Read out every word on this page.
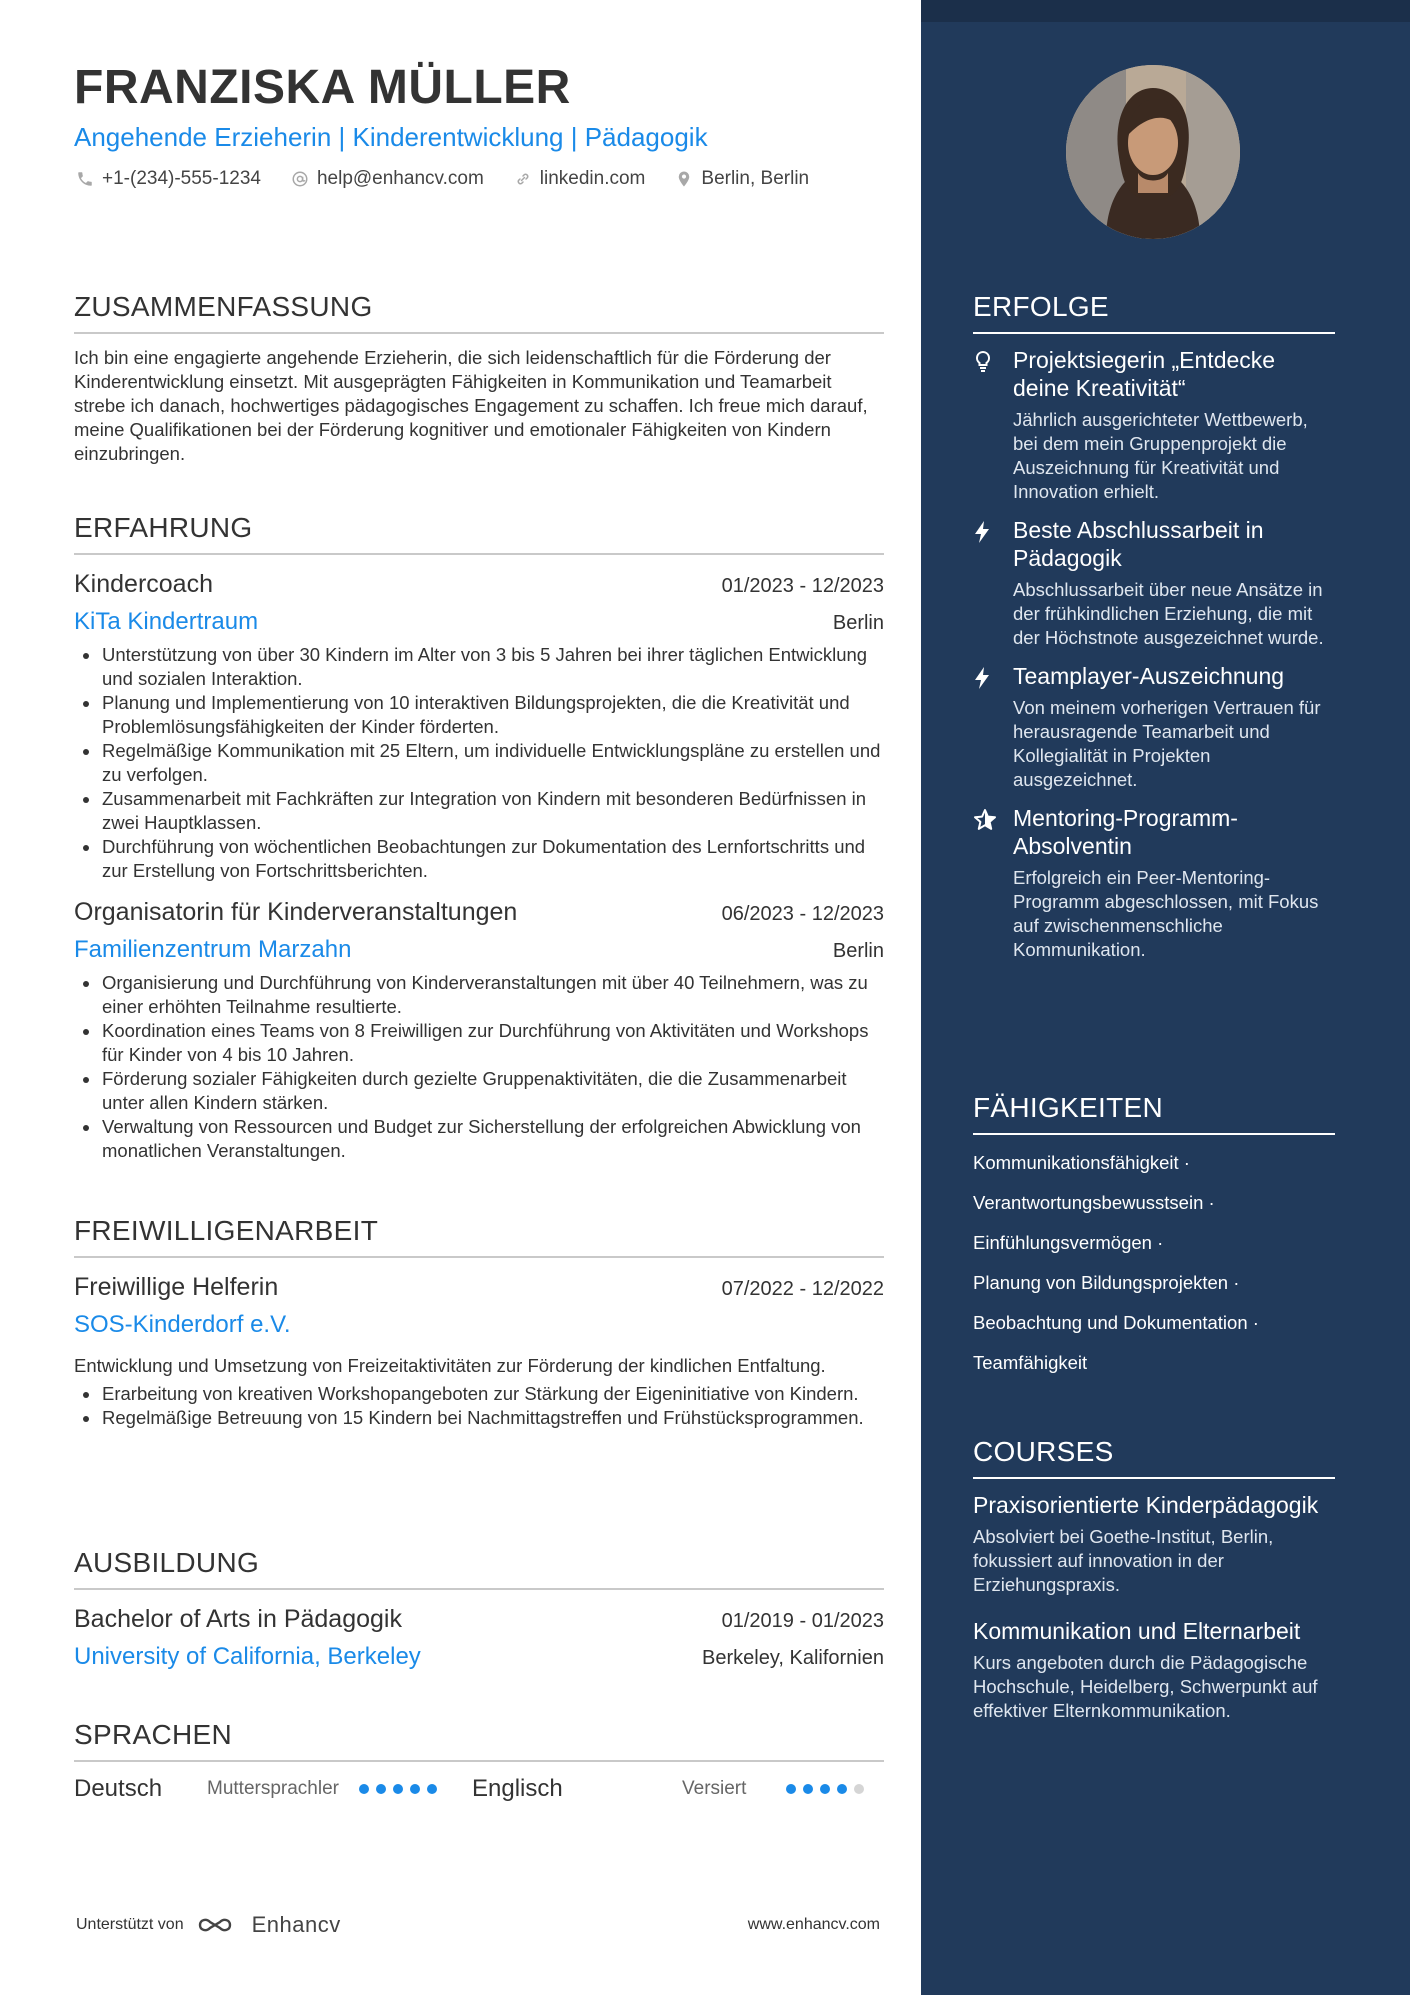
FRANZISKA MÜLLER
Angehende Erzieherin | Kinderentwicklung | Pädagogik
+1-(234)-555-1234	help@enhancv.com	linkedin.com	Berlin, Berlin
ZUSAMMENFASSUNG
Ich bin eine engagierte angehende Erzieherin, die sich leidenschaftlich für die Förderung der Kinderentwicklung einsetzt. Mit ausgeprägten Fähigkeiten in Kommunikation und Teamarbeit strebe ich danach, hochwertiges pädagogisches Engagement zu schaffen. Ich freue mich darauf, meine Qualifikationen bei der Förderung kognitiver und emotionaler Fähigkeiten von Kindern einzubringen.
ERFAHRUNG
Kindercoach	01/2023 - 12/2023
KiTa Kindertraum	Berlin
Unterstützung von über 30 Kindern im Alter von 3 bis 5 Jahren bei ihrer täglichen Entwicklung und sozialen Interaktion.
Planung und Implementierung von 10 interaktiven Bildungsprojekten, die die Kreativität und Problemlösungsfähigkeiten der Kinder förderten.
Regelmäßige Kommunikation mit 25 Eltern, um individuelle Entwicklungspläne zu erstellen und zu verfolgen.
Zusammenarbeit mit Fachkräften zur Integration von Kindern mit besonderen Bedürfnissen in zwei Hauptklassen.
Durchführung von wöchentlichen Beobachtungen zur Dokumentation des Lernfortschritts und zur Erstellung von Fortschrittsberichten.
Organisatorin für Kinderveranstaltungen	06/2023 - 12/2023
Familienzentrum Marzahn	Berlin
Organisierung und Durchführung von Kinderveranstaltungen mit über 40 Teilnehmern, was zu einer erhöhten Teilnahme resultierte.
Koordination eines Teams von 8 Freiwilligen zur Durchführung von Aktivitäten und Workshops für Kinder von 4 bis 10 Jahren.
Förderung sozialer Fähigkeiten durch gezielte Gruppenaktivitäten, die die Zusammenarbeit unter allen Kindern stärken.
Verwaltung von Ressourcen und Budget zur Sicherstellung der erfolgreichen Abwicklung von monatlichen Veranstaltungen.
FREIWILLIGENARBEIT
Freiwillige Helferin	07/2022 - 12/2022
SOS-Kinderdorf e.V.
Entwicklung und Umsetzung von Freizeitaktivitäten zur Förderung der kindlichen Entfaltung.
Erarbeitung von kreativen Workshopangeboten zur Stärkung der Eigeninitiative von Kindern.
Regelmäßige Betreuung von 15 Kindern bei Nachmittagstreffen und Frühstücksprogrammen.
AUSBILDUNG
Bachelor of Arts in Pädagogik	01/2019 - 01/2023
University of California, Berkeley	Berkeley, Kalifornien
SPRACHEN
Deutsch	Muttersprachler	Englisch	Versiert
Unterstützt von	Enhancv	www.enhancv.com
ERFOLGE
Projektsiegerin „Entdecke deine Kreativität“
Jährlich ausgerichteter Wettbewerb, bei dem mein Gruppenprojekt die Auszeichnung für Kreativität und Innovation erhielt.
Beste Abschlussarbeit in Pädagogik
Abschlussarbeit über neue Ansätze in der frühkindlichen Erziehung, die mit der Höchstnote ausgezeichnet wurde.
Teamplayer-Auszeichnung
Von meinem vorherigen Vertrauen für herausragende Teamarbeit und Kollegialität in Projekten ausgezeichnet.
Mentoring-Programm-Absolventin
Erfolgreich ein Peer-Mentoring-Programm abgeschlossen, mit Fokus auf zwischenmenschliche Kommunikation.
FÄHIGKEITEN
Kommunikationsfähigkeit ·
Verantwortungsbewusstsein ·
Einfühlungsvermögen ·
Planung von Bildungsprojekten ·
Beobachtung und Dokumentation ·
Teamfähigkeit
COURSES
Praxisorientierte Kinderpädagogik
Absolviert bei Goethe-Institut, Berlin, fokussiert auf innovation in der Erziehungspraxis.
Kommunikation und Elternarbeit
Kurs angeboten durch die Pädagogische Hochschule, Heidelberg, Schwerpunkt auf effektiver Elternkommunikation.
